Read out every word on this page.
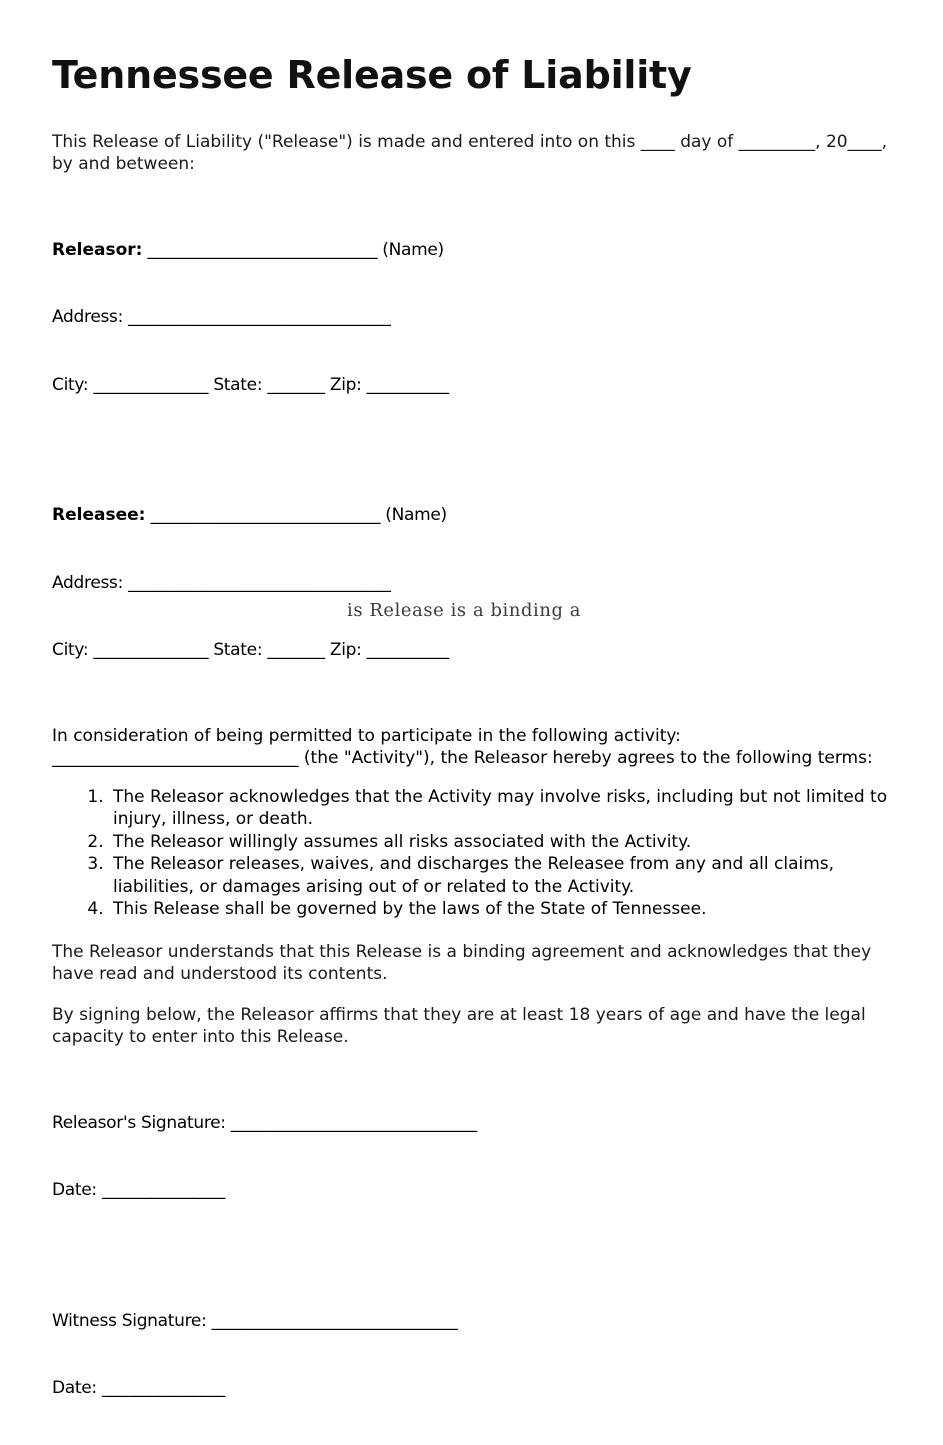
Tennessee Release of Liability

This Release of Liability ("Release") is made and entered into on this ____ day of _________, 20____, by and between:

Releasor: ____________________________ (Name)

Address: ________________________________

City: ______________ State: _______ Zip: __________

Releasee: ____________________________ (Name)

Address: ________________________________

City: ______________ State: _______ Zip: __________

In consideration of being permitted to participate in the following activity: _____________________________ (the "Activity"), the Releasor hereby agrees to the following terms:

1. The Releasor acknowledges that the Activity may involve risks, including but not limited to injury, illness, or death.
2. The Releasor willingly assumes all risks associated with the Activity.
3. The Releasor releases, waives, and discharges the Releasee from any and all claims, liabilities, or damages arising out of or related to the Activity.
4. This Release shall be governed by the laws of the State of Tennessee.

The Releasor understands that this Release is a binding agreement and acknowledges that they have read and understood its contents.

By signing below, the Releasor affirms that they are at least 18 years of age and have the legal capacity to enter into this Release.

Releasor's Signature: ______________________________

Date: _______________

Witness Signature: ______________________________

Date: _______________

is Release is a binding a
